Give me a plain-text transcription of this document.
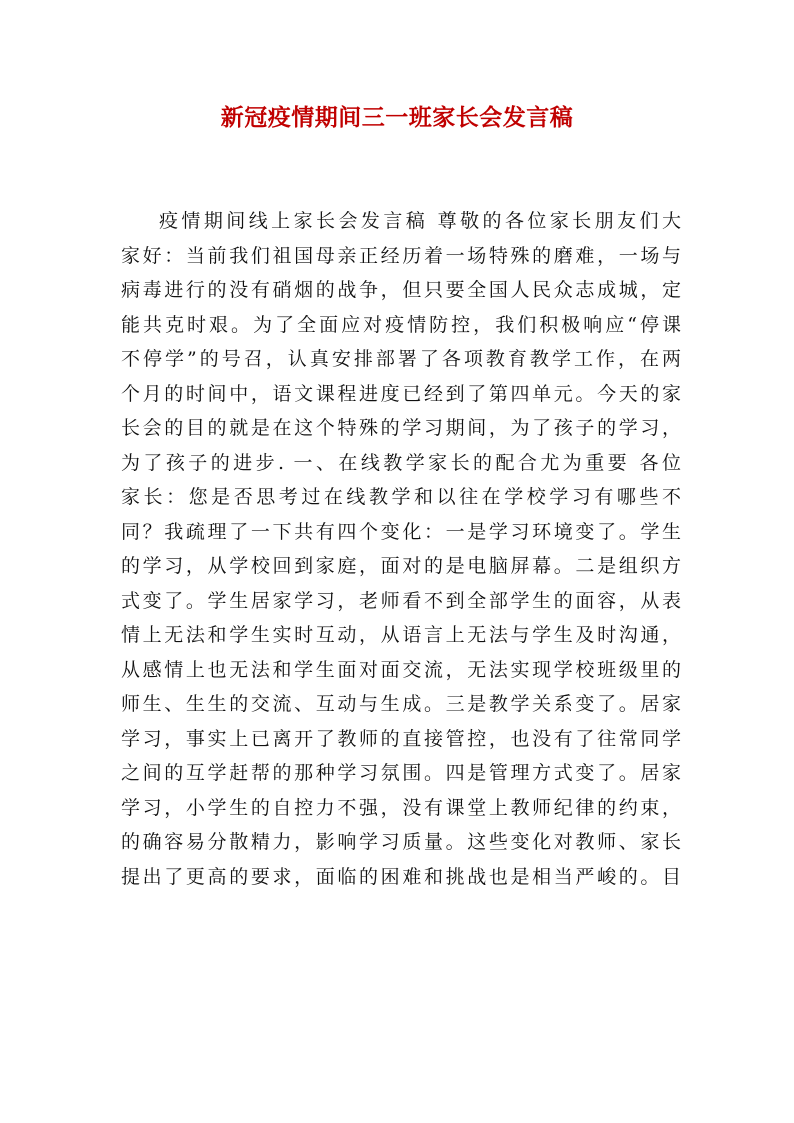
新冠疫情期间三一班家长会发言稿
疫情期间线上家长会发言稿 尊敬的各位家长朋友们大
家好：当前我们祖国母亲正经历着一场特殊的磨难，一场与
病毒进行的没有硝烟的战争，但只要全国人民众志成城，定
能共克时艰。为了全面应对疫情防控，我们积极响应“停课
不停学”的号召，认真安排部署了各项教育教学工作，在两
个月的时间中，语文课程进度已经到了第四单元。今天的家
长会的目的就是在这个特殊的学习期间，为了孩子的学习，
为了孩子的进步. 一、在线教学家长的配合尤为重要 各位
家长：您是否思考过在线教学和以往在学校学习有哪些不
同？我疏理了一下共有四个变化：一是学习环境变了。学生
的学习，从学校回到家庭，面对的是电脑屏幕。二是组织方
式变了。学生居家学习，老师看不到全部学生的面容，从表
情上无法和学生实时互动，从语言上无法与学生及时沟通，
从感情上也无法和学生面对面交流，无法实现学校班级里的
师生、生生的交流、互动与生成。三是教学关系变了。居家
学习，事实上已离开了教师的直接管控，也没有了往常同学
之间的互学赶帮的那种学习氛围。四是管理方式变了。居家
学习，小学生的自控力不强，没有课堂上教师纪律的约束，
的确容易分散精力，影响学习质量。这些变化对教师、家长
提出了更高的要求，面临的困难和挑战也是相当严峻的。目
